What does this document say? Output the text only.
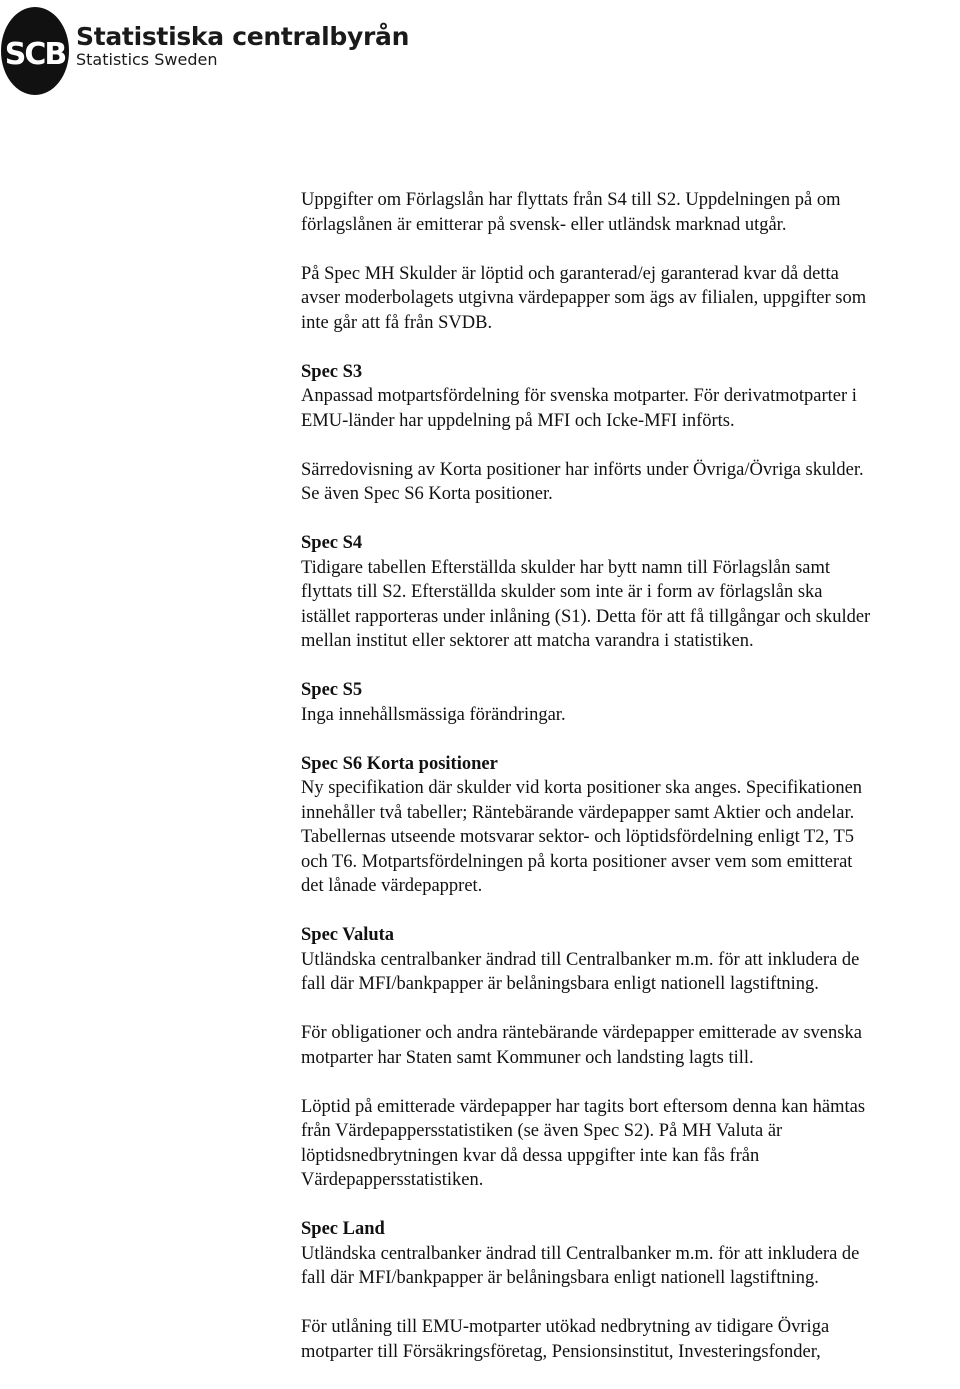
SCB
Statistiska centralbyrån
Statistics Sweden
Uppgifter om Förlagslån har flyttats från S4 till S2. Uppdelningen på om
förlagslånen är emitterar på svensk- eller utländsk marknad utgår.
På Spec MH Skulder är löptid och garanterad/ej garanterad kvar då detta
avser moderbolagets utgivna värdepapper som ägs av filialen, uppgifter som
inte går att få från SVDB.
Spec S3
Anpassad motpartsfördelning för svenska motparter. För derivatmotparter i
EMU-länder har uppdelning på MFI och Icke-MFI införts.
Särredovisning av Korta positioner har införts under Övriga/Övriga skulder.
Se även Spec S6 Korta positioner.
Spec S4
Tidigare tabellen Efterställda skulder har bytt namn till Förlagslån samt
flyttats till S2. Efterställda skulder som inte är i form av förlagslån ska
istället rapporteras under inlåning (S1). Detta för att få tillgångar och skulder
mellan institut eller sektorer att matcha varandra i statistiken.
Spec S5
Inga innehållsmässiga förändringar.
Spec S6 Korta positioner
Ny specifikation där skulder vid korta positioner ska anges. Specifikationen
innehåller två tabeller; Räntebärande värdepapper samt Aktier och andelar.
Tabellernas utseende motsvarar sektor- och löptidsfördelning enligt T2, T5
och T6. Motpartsfördelningen på korta positioner avser vem som emitterat
det lånade värdepappret.
Spec Valuta
Utländska centralbanker ändrad till Centralbanker m.m. för att inkludera de
fall där MFI/bankpapper är belåningsbara enligt nationell lagstiftning.
För obligationer och andra räntebärande värdepapper emitterade av svenska
motparter har Staten samt Kommuner och landsting lagts till.
Löptid på emitterade värdepapper har tagits bort eftersom denna kan hämtas
från Värdepappersstatistiken (se även Spec S2). På MH Valuta är
löptidsnedbrytningen kvar då dessa uppgifter inte kan fås från
Värdepappersstatistiken.
Spec Land
Utländska centralbanker ändrad till Centralbanker m.m. för att inkludera de
fall där MFI/bankpapper är belåningsbara enligt nationell lagstiftning.
För utlåning till EMU-motparter utökad nedbrytning av tidigare Övriga
motparter till Försäkringsföretag, Pensionsinstitut, Investeringsfonder,
